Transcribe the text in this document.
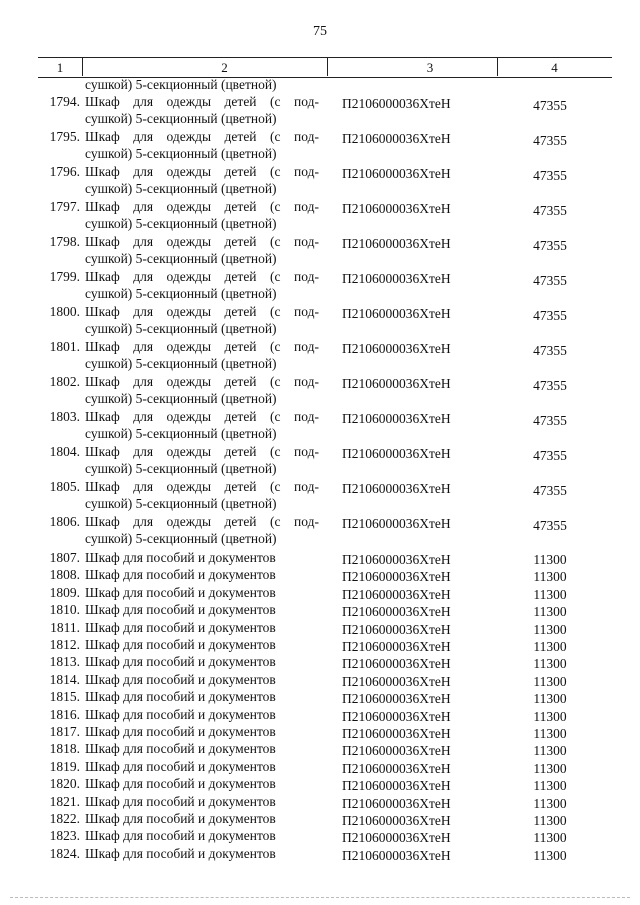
75
1	2	3	4
сушкой) 5-секционный (цветной)
1794. Шкаф для одежды детей (с под-
сушкой) 5-секционный (цветной)
П2106000036ХтеН	47355
1795. Шкаф для одежды детей (с под-
сушкой) 5-секционный (цветной)
П2106000036ХтеН	47355
1796. Шкаф для одежды детей (с под-
сушкой) 5-секционный (цветной)
П2106000036ХтеН	47355
1797. Шкаф для одежды детей (с под-
сушкой) 5-секционный (цветной)
П2106000036ХтеН	47355
1798. Шкаф для одежды детей (с под-
сушкой) 5-секционный (цветной)
П2106000036ХтеН	47355
1799. Шкаф для одежды детей (с под-
сушкой) 5-секционный (цветной)
П2106000036ХтеН	47355
1800. Шкаф для одежды детей (с под-
сушкой) 5-секционный (цветной)
П2106000036ХтеН	47355
1801. Шкаф для одежды детей (с под-
сушкой) 5-секционный (цветной)
П2106000036ХтеН	47355
1802. Шкаф для одежды детей (с под-
сушкой) 5-секционный (цветной)
П2106000036ХтеН	47355
1803. Шкаф для одежды детей (с под-
сушкой) 5-секционный (цветной)
П2106000036ХтеН	47355
1804. Шкаф для одежды детей (с под-
сушкой) 5-секционный (цветной)
П2106000036ХтеН	47355
1805. Шкаф для одежды детей (с под-
сушкой) 5-секционный (цветной)
П2106000036ХтеН	47355
1806. Шкаф для одежды детей (с под-
сушкой) 5-секционный (цветной)
П2106000036ХтеН	47355
1807. Шкаф для пособий и документов	П2106000036ХтеН	11300
1808. Шкаф для пособий и документов	П2106000036ХтеН	11300
1809. Шкаф для пособий и документов	П2106000036ХтеН	11300
1810. Шкаф для пособий и документов	П2106000036ХтеН	11300
1811. Шкаф для пособий и документов	П2106000036ХтеН	11300
1812. Шкаф для пособий и документов	П2106000036ХтеН	11300
1813. Шкаф для пособий и документов	П2106000036ХтеН	11300
1814. Шкаф для пособий и документов	П2106000036ХтеН	11300
1815. Шкаф для пособий и документов	П2106000036ХтеН	11300
1816. Шкаф для пособий и документов	П2106000036ХтеН	11300
1817. Шкаф для пособий и документов	П2106000036ХтеН	11300
1818. Шкаф для пособий и документов	П2106000036ХтеН	11300
1819. Шкаф для пособий и документов	П2106000036ХтеН	11300
1820. Шкаф для пособий и документов	П2106000036ХтеН	11300
1821. Шкаф для пособий и документов	П2106000036ХтеН	11300
1822. Шкаф для пособий и документов	П2106000036ХтеН	11300
1823. Шкаф для пособий и документов	П2106000036ХтеН	11300
1824. Шкаф для пособий и документов	П2106000036ХтеН	11300
